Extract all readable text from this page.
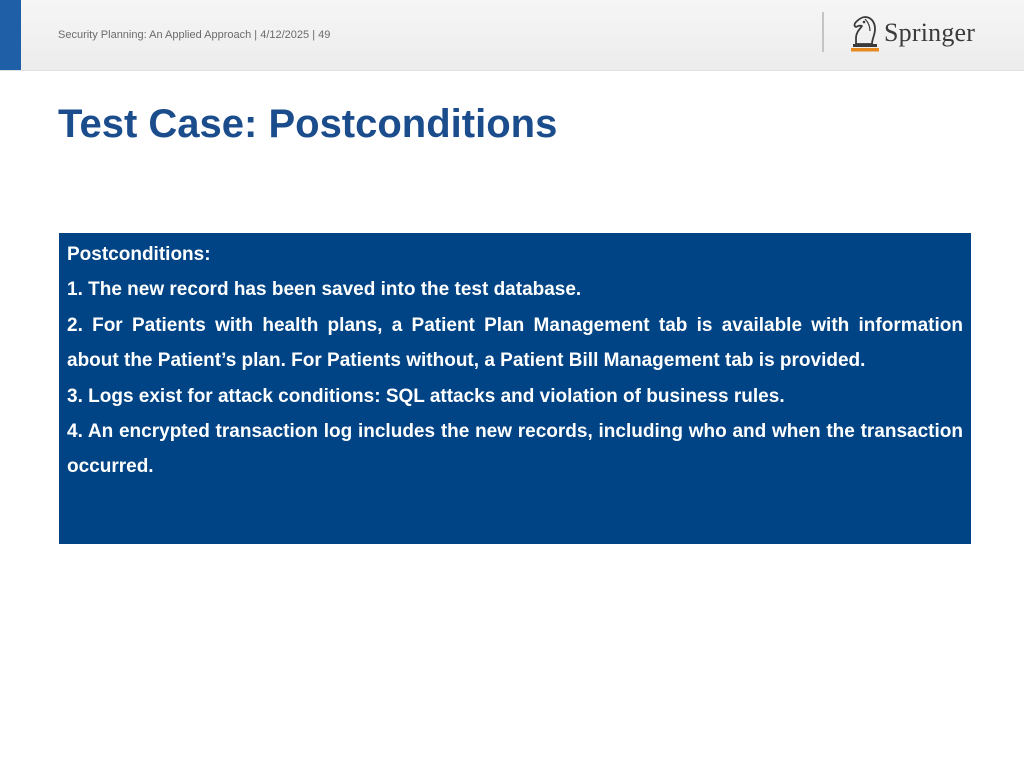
Security Planning: An Applied Approach | 4/12/2025 | 49	Springer
Test Case: Postconditions

Postconditions:

1. The new record has been saved into the test database.

2. For Patients with health plans, a Patient Plan Management tab is available with information about the Patient’s plan. For Patients without, a Patient Bill Management tab is provided.

3. Logs exist for attack conditions: SQL attacks and violation of business rules.

4. An encrypted transaction log includes the new records, including who and when the transaction occurred.
